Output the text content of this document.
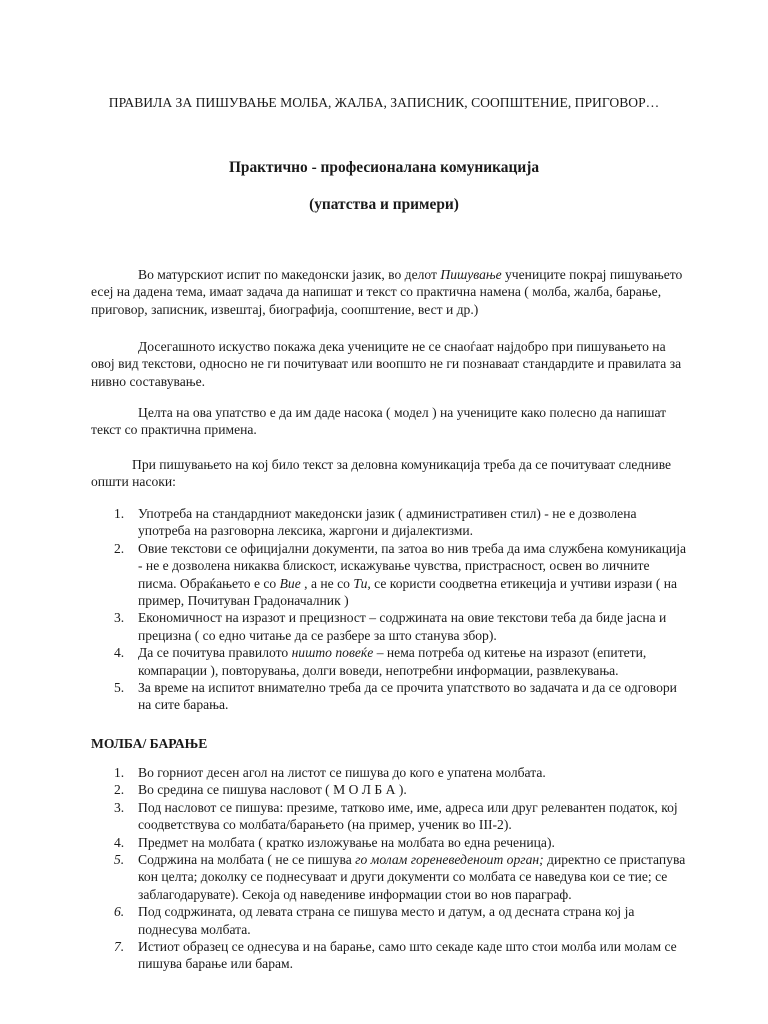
ПРАВИЛА ЗА ПИШУВАЊЕ МОЛБА, ЖАЛБА, ЗАПИСНИК, СООПШТЕНИЕ, ПРИГОВОР…
Практично - професионалана комуникација
(упатства и примери)

Во матурскиот испит по македонски јазик, во делот Пишување учениците покрај пишувањето есеј на дадена тема, имаат задача да напишат и текст со практична намена ( молба, жалба, барање, приговор, записник, извештај, биографија, соопштение, вест и др.)

Досегашното искуство покажа дека учениците не се снаоѓаат најдобро при пишувањето на овој вид текстови, односно не ги почитуваат или воопшто не ги познаваат стандардите и правилата за нивно составување.

Целта на ова упатство е да им даде насока ( модел ) на учениците како полесно да напишат текст со практична примена.

При пишувањето на кој било текст за деловна комуникација треба да се почитуваат следниве општи насоки:

1. Употреба на стандардниот македонски јазик ( административен стил) - не е дозволена употреба на разговорна лексика, жаргони и дијалектизми.
2. Овие текстови се официјални документи, па затоа во нив треба да има службена комуникација - не е дозволена никаква блискост, искажување чувства, пристрасност, освен во личните писма. Обраќањето е со Вие , а не со Ти, се користи соодветна етикеција и учтиви изрази ( на пример, Почитуван Градоначалник )
3. Економичност на изразот и прецизност – содржината на овие текстови теба да биде јасна и прецизна ( со едно читање да се разбере за што станува збор).
4. Да се почитува правилото ништо повеќе – нема потреба од китење на изразот (епитети, компарации ), повторувања, долги воведи, непотребни информации, развлекувања.
5. За време на испитот внимателно треба да се прочита упатството во задачата и да се одговори на сите барања.
МОЛБА/ БАРАЊЕ
1. Во горниот десен агол на листот се пишува до кого е упатена молбата.
2. Во средина се пишува насловот ( М О Л Б А ).
3. Под насловот се пишува: презиме, татково име, име, адреса или друг релевантен податок, кој соодветствува со молбата/барањето (на пример, ученик во III-2).
4. Предмет на молбата ( кратко изложување на молбата во една реченица).
5. Содржина на молбата ( не се пишува го молам гореневеденоит орган; директно се пристапува кон целта; доколку се поднесуваат и други документи со молбата се наведува кои се тие; се заблагодарувате). Секоја од наведениве информации стои во нов параграф.
6. Под содржината, од левата страна се пишува место и датум, а од десната страна кој ја поднесува молбата.
7. Истиот образец се однесува и на барање, само што секаде каде што стои молба или молам се пишува барање или барам.
